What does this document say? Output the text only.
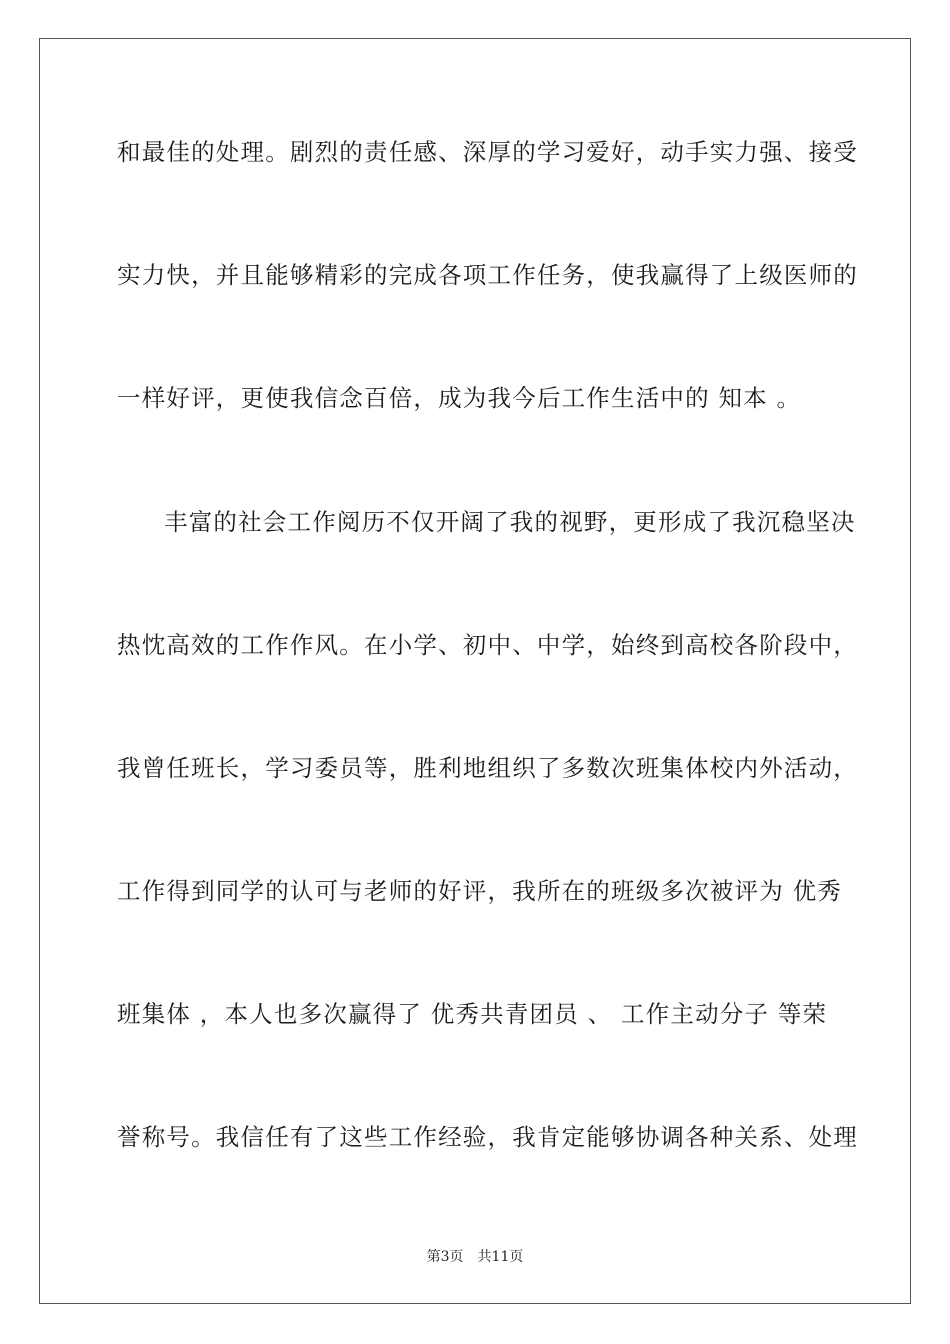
和最佳的处理。剧烈的责任感、深厚的学习爱好，动手实力强、接受
实力快，并且能够精彩的完成各项工作任务，使我赢得了上级医师的
一样好评，更使我信念百倍，成为我今后工作生活中的 知本 。
丰富的社会工作阅历不仅开阔了我的视野，更形成了我沉稳坚决
热忱高效的工作作风。在小学、初中、中学，始终到高校各阶段中，
我曾任班长，学习委员等，胜利地组织了多数次班集体校内外活动，
工作得到同学的认可与老师的好评，我所在的班级多次被评为 优秀
班集体 ，本人也多次赢得了 优秀共青团员 、 工作主动分子 等荣
誉称号。我信任有了这些工作经验，我肯定能够协调各种关系、处理
第3页 共11页
